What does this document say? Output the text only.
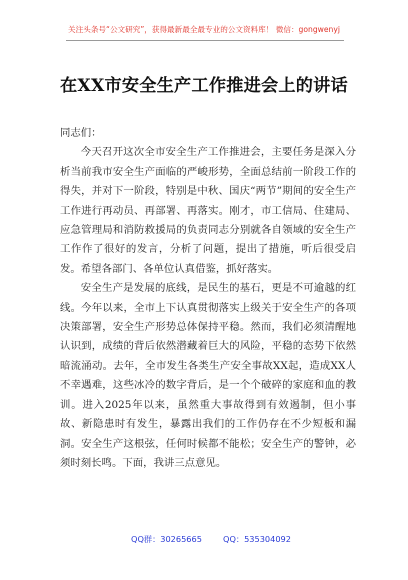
关注头条号“公文研究”，获得最新最全最专业的公文资料库！ 微信：gongwenyj
在XX市安全生产工作推进会上的讲话

同志们：

今天召开这次全市安全生产工作推进会，主要任务是深入分析当前我市安全生产面临的严峻形势，全面总结前一阶段工作的得失，并对下一阶段，特别是中秋、国庆“两节”期间的安全生产工作进行再动员、再部署、再落实。刚才，市工信局、住建局、应急管理局和消防救援局的负责同志分别就各自领域的安全生产工作作了很好的发言，分析了问题，提出了措施，听后很受启发。希望各部门、各单位认真借鉴，抓好落实。

安全生产是发展的底线，是民生的基石，更是不可逾越的红线。今年以来，全市上下认真贯彻落实上级关于安全生产的各项决策部署，安全生产形势总体保持平稳。然而，我们必须清醒地认识到，成绩的背后依然潜藏着巨大的风险，平稳的态势下依然暗流涌动。去年，全市发生各类生产安全事故XX起，造成XX人不幸遇难，这些冰冷的数字背后，是一个个破碎的家庭和血的教训。进入2025年以来，虽然重大事故得到有效遏制，但小事故、新隐患时有发生，暴露出我们的工作仍存在不少短板和漏洞。安全生产这根弦，任何时候都不能松；安全生产的警钟，必须时刻长鸣。下面，我讲三点意见。

QQ群：30265665	QQ：535304092
